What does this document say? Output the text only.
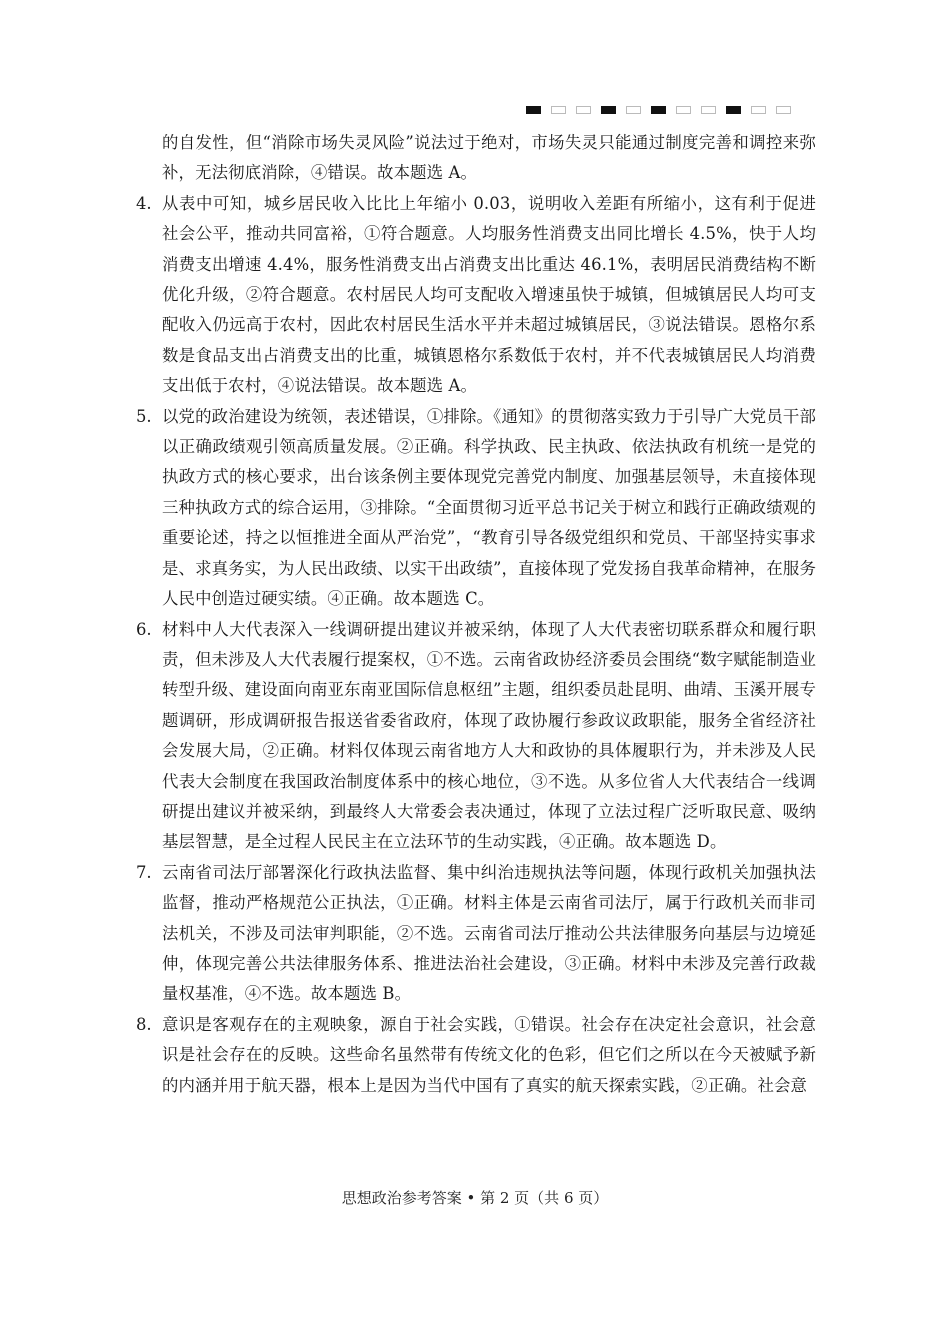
的自发性，但“消除市场失灵风险”说法过于绝对，市场失灵只能通过制度完善和调控来弥补，无法彻底消除，④错误。故本题选 A。

4. 从表中可知，城乡居民收入比比上年缩小 0.03，说明收入差距有所缩小，这有利于促进社会公平，推动共同富裕，①符合题意。人均服务性消费支出同比增长 4.5%，快于人均消费支出增速 4.4%，服务性消费支出占消费支出比重达 46.1%，表明居民消费结构不断优化升级，②符合题意。农村居民人均可支配收入增速虽快于城镇，但城镇居民人均可支配收入仍远高于农村，因此农村居民生活水平并未超过城镇居民，③说法错误。恩格尔系数是食品支出占消费支出的比重，城镇恩格尔系数低于农村，并不代表城镇居民人均消费支出低于农村，④说法错误。故本题选 A。

5. 以党的政治建设为统领，表述错误，①排除。《通知》的贯彻落实致力于引导广大党员干部以正确政绩观引领高质量发展。②正确。科学执政、民主执政、依法执政有机统一是党的执政方式的核心要求，出台该条例主要体现党完善党内制度、加强基层领导，未直接体现三种执政方式的综合运用，③排除。“全面贯彻习近平总书记关于树立和践行正确政绩观的重要论述，持之以恒推进全面从严治党”，“教育引导各级党组织和党员、干部坚持实事求是、求真务实，为人民出政绩、以实干出政绩”，直接体现了党发扬自我革命精神，在服务人民中创造过硬实绩。④正确。故本题选 C。

6. 材料中人大代表深入一线调研提出建议并被采纳，体现了人大代表密切联系群众和履行职责，但未涉及人大代表履行提案权，①不选。云南省政协经济委员会围绕“数字赋能制造业转型升级、建设面向南亚东南亚国际信息枢纽”主题，组织委员赴昆明、曲靖、玉溪开展专题调研，形成调研报告报送省委省政府，体现了政协履行参政议政职能，服务全省经济社会发展大局，②正确。材料仅体现云南省地方人大和政协的具体履职行为，并未涉及人民代表大会制度在我国政治制度体系中的核心地位，③不选。从多位省人大代表结合一线调研提出建议并被采纳，到最终人大常委会表决通过，体现了立法过程广泛听取民意、吸纳基层智慧，是全过程人民民主在立法环节的生动实践，④正确。故本题选 D。

7. 云南省司法厅部署深化行政执法监督、集中纠治违规执法等问题，体现行政机关加强执法监督，推动严格规范公正执法，①正确。材料主体是云南省司法厅，属于行政机关而非司法机关，不涉及司法审判职能，②不选。云南省司法厅推动公共法律服务向基层与边境延伸，体现完善公共法律服务体系、推进法治社会建设，③正确。材料中未涉及完善行政裁量权基准，④不选。故本题选 B。

8. 意识是客观存在的主观映象，源自于社会实践，①错误。社会存在决定社会意识，社会意识是社会存在的反映。这些命名虽然带有传统文化的色彩，但它们之所以在今天被赋予新的内涵并用于航天器，根本上是因为当代中国有了真实的航天探索实践，②正确。社会意

思想政治参考答案 • 第 2 页（共 6 页）
